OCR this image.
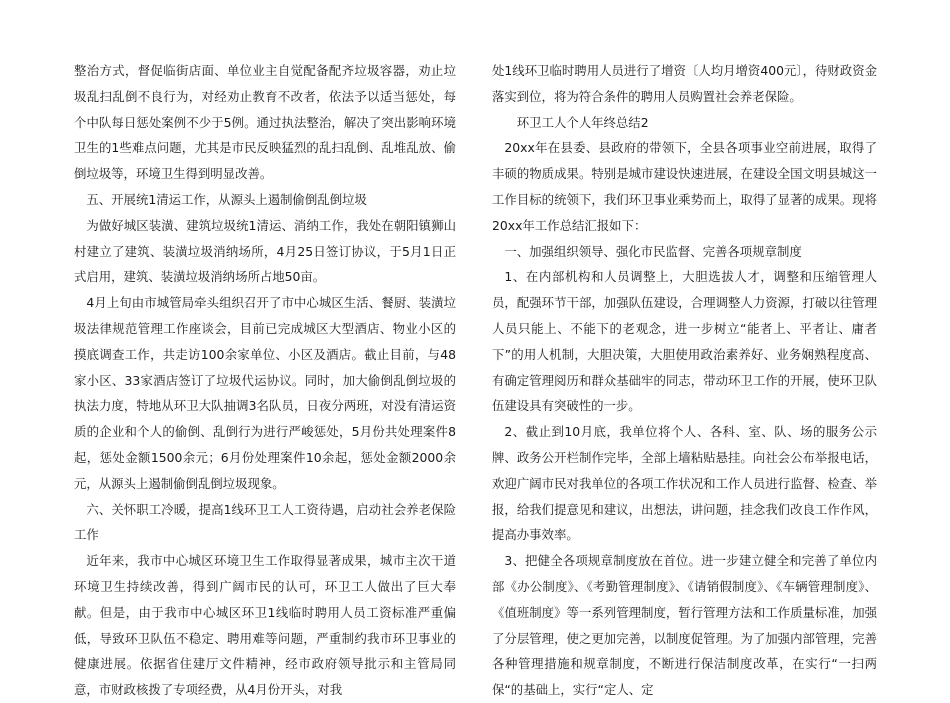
整治方式，督促临街店面、单位业主自觉配备配齐垃圾容器，劝止垃圾乱扫乱倒不良行为，对经劝止教育不改者，依法予以适当惩处，每个中队每日惩处案例不少于5例。通过执法整治，解决了突出影响环境卫生的1些难点问题，尤其是市民反映猛烈的乱扫乱倒、乱堆乱放、偷倒垃圾等，环境卫生得到明显改善。

五、开展统1清运工作，从源头上遏制偷倒乱倒垃圾

为做好城区装潢、建筑垃圾统1清运、消纳工作，我处在朝阳镇狮山村建立了建筑、装潢垃圾消纳场所，4月25日签订协议，于5月1日正式启用，建筑、装潢垃圾消纳场所占地50亩。

4月上旬由市城管局牵头组织召开了市中心城区生活、餐厨、装潢垃圾法律规范管理工作座谈会，目前已完成城区大型酒店、物业小区的摸底调查工作，共走访100余家单位、小区及酒店。截止目前，与48家小区、33家酒店签订了垃圾代运协议。同时，加大偷倒乱倒垃圾的执法力度，特地从环卫大队抽调3名队员，日夜分两班，对没有清运资质的企业和个人的偷倒、乱倒行为进行严峻惩处，5月份共处理案件8起，惩处金额1500余元；6月份处理案件10余起，惩处金额2000余元，从源头上遏制偷倒乱倒垃圾现象。

六、关怀职工冷暖，提高1线环卫工人工资待遇，启动社会养老保险工作

近年来，我市中心城区环境卫生工作取得显著成果，城市主次干道环境卫生持续改善，得到广阔市民的认可，环卫工人做出了巨大奉献。但是，由于我市中心城区环卫1线临时聘用人员工资标准严重偏低，导致环卫队伍不稳定、聘用难等问题，严重制约我市环卫事业的健康进展。依据省住建厅文件精神，经市政府领导批示和主管局同意，市财政核拨了专项经费，从4月份开头，对我

处1线环卫临时聘用人员进行了增资〔人均月增资400元〕，待财政资金落实到位，将为符合条件的聘用人员购置社会养老保险。

环卫工人个人年终总结2

20xx年在县委、县政府的带领下，全县各项事业空前进展，取得了丰硕的物质成果。特别是城市建设快速进展，在建设全国文明县城这一工作目标的统领下，我们环卫事业乘势而上，取得了显著的成果。现将20xx年工作总结汇报如下：

一、加强组织领导、强化市民监督、完善各项规章制度

1、在内部机构和人员调整上，大胆选拔人才，调整和压缩管理人员，配强环节干部，加强队伍建设，合理调整人力资源，打破以往管理人员只能上、不能下的老观念，进一步树立“能者上、平者让、庸者下”的用人机制，大胆决策，大胆使用政治素养好、业务娴熟程度高、有确定管理阅历和群众基础牢的同志，带动环卫工作的开展，使环卫队伍建设具有突破性的一步。

2、截止到10月底，我单位将个人、各科、室、队、场的服务公示牌、政务公开栏制作完毕，全部上墙粘贴悬挂。向社会公布举报电话，欢迎广阔市民对我单位的各项工作状况和工作人员进行监督、检查、举报，给我们提意见和建议，出想法，讲问题，挂念我们改良工作作风，提高办事效率。

3、把健全各项规章制度放在首位。进一步建立健全和完善了单位内部《办公制度》、《考勤管理制度》、《请销假制度》、《车辆管理制度》、《值班制度》等一系列管理制度，暂行管理方法和工作质量标准，加强了分层管理，使之更加完善，以制度促管理。为了加强内部管理，完善各种管理措施和规章制度，不断进行保洁制度改革，在实行“一扫两保“的基础上，实行“定人、定
